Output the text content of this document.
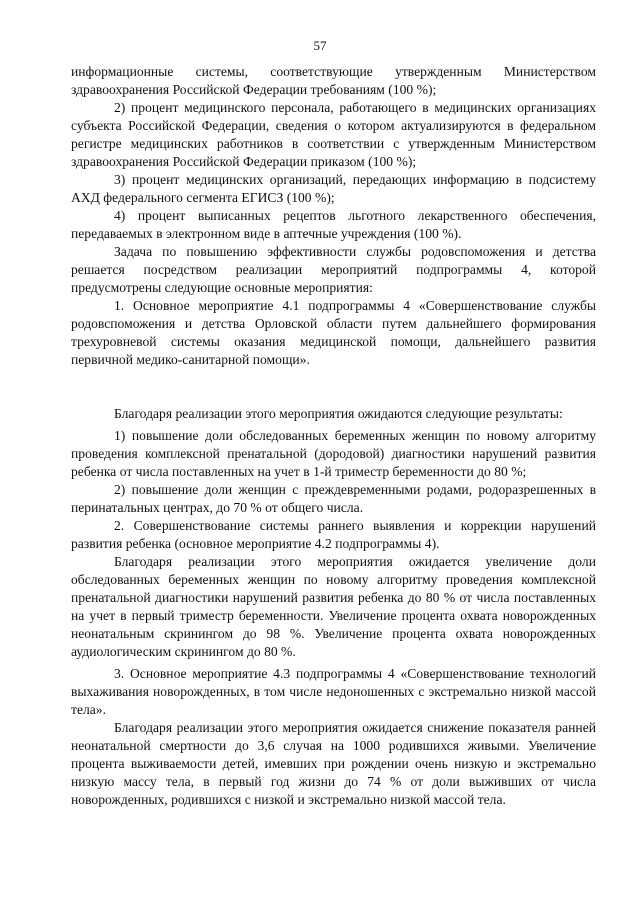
57

информационные системы, соответствующие утвержденным Министерством здравоохранения Российской Федерации требованиям (100 %);

2) процент медицинского персонала, работающего в медицинских организациях субъекта Российской Федерации, сведения о котором актуализируются в федеральном регистре медицинских работников в соответствии с утвержденным Министерством здравоохранения Российской Федерации приказом (100 %);

3) процент медицинских организаций, передающих информацию в подсистему АХД федерального сегмента ЕГИСЗ (100 %);

4) процент выписанных рецептов льготного лекарственного обеспечения, передаваемых в электронном виде в аптечные учреждения (100 %).

Задача по повышению эффективности службы родовспоможения и детства решается посредством реализации мероприятий подпрограммы 4, которой предусмотрены следующие основные мероприятия:

1. Основное мероприятие 4.1 подпрограммы 4 «Совершенствование службы родовспоможения и детства Орловской области путем дальнейшего формирования трехуровневой системы оказания медицинской помощи, дальнейшего развития первичной медико-санитарной помощи».

Благодаря реализации этого мероприятия ожидаются следующие результаты:

1) повышение доли обследованных беременных женщин по новому алгоритму проведения комплексной пренатальной (дородовой) диагностики нарушений развития ребенка от числа поставленных на учет в 1-й триместр беременности до 80 %;

2) повышение доли женщин с преждевременными родами, родоразрешенных в перинатальных центрах, до 70 % от общего числа.

2. Совершенствование системы раннего выявления и коррекции нарушений развития ребенка (основное мероприятие 4.2 подпрограммы 4).

Благодаря реализации этого мероприятия ожидается увеличение доли обследованных беременных женщин по новому алгоритму проведения комплексной пренатальной диагностики нарушений развития ребенка до 80 % от числа поставленных на учет в первый триместр беременности. Увеличение процента охвата новорожденных неонатальным скринингом до 98 %. Увеличение процента охвата новорожденных аудиологическим скринингом до 80 %.

3. Основное мероприятие 4.3 подпрограммы 4 «Совершенствование технологий выхаживания новорожденных, в том числе недоношенных с экстремально низкой массой тела».

Благодаря реализации этого мероприятия ожидается снижение показателя ранней неонатальной смертности до 3,6 случая на 1000 родившихся живыми. Увеличение процента выживаемости детей, имевших при рождении очень низкую и экстремально низкую массу тела, в первый год жизни до 74 % от доли выживших от числа новорожденных, родившихся с низкой и экстремально низкой массой тела.
